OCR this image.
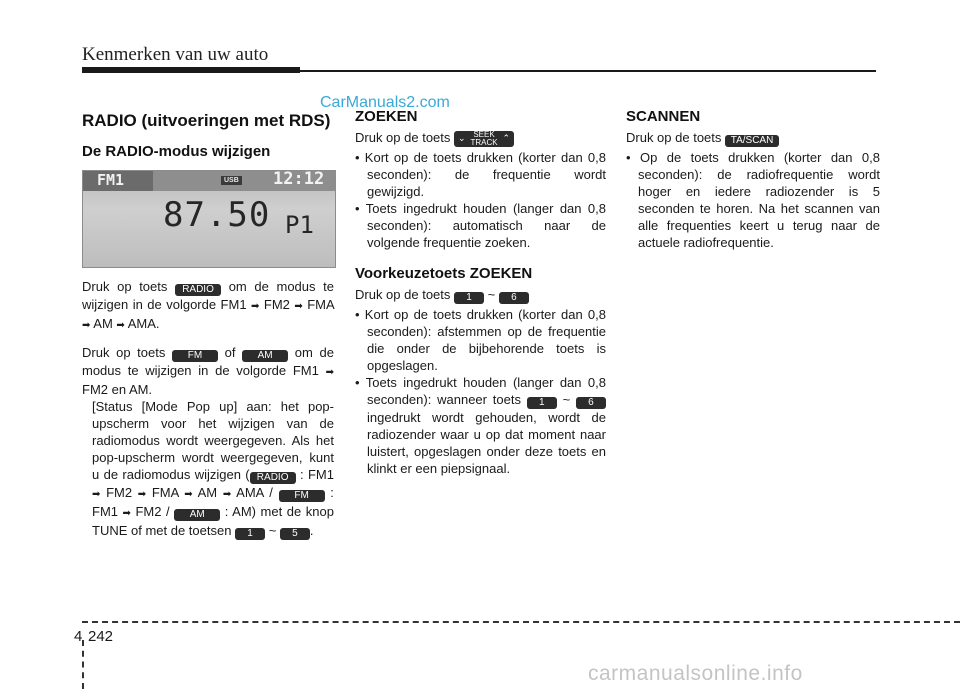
Kenmerken van uw auto
CarManuals2.com
RADIO (uitvoeringen met RDS)
De RADIO-modus wijzigen
FM1	USB 12:12
87.50 P1

Druk op toets RADIO om de modus te wijzigen in de volgorde FM1 ➡ FM2 ➡ FMA ➡ AM ➡ AMA.

Druk op toets FM of AM om de modus te wijzigen in de volgorde FM1 ➡ FM2 en AM.

[Status [Mode Pop up] aan: het pop-upscherm voor het wijzigen van de radiomodus wordt weergegeven. Als het pop-upscherm wordt weergegeven, kunt u de radiomodus wijzigen ( RADIO : FM1 ➡ FM2 ➡ FMA ➡ AM ➡ AMA / FM : FM1 ➡ FM2 / AM : AM) met de knop TUNE of met de toetsen 1 ~ 5 .

ZOEKEN

Druk op de toets ⌄ SEEK
TRACK ⌃

• Kort op de toets drukken (korter dan 0,8 seconden): de frequentie wordt gewijzigd.
• Toets ingedrukt houden (langer dan 0,8 seconden): automatisch naar de volgende frequentie zoeken.
Voorkeuzetoets ZOEKEN

Druk op de toets 1 ~ 6

• Kort op de toets drukken (korter dan 0,8 seconden): afstemmen op de frequentie die onder de bijbehorende toets is opgeslagen.
• Toets ingedrukt houden (langer dan 0,8 seconden): wanneer toets 1 ~ 6 ingedrukt wordt gehouden, wordt de radiozender waar u op dat moment naar luistert, opgeslagen onder deze toets en klinkt er een piepsignaal.
SCANNEN

Druk op de toets TA/SCAN

• Op de toets drukken (korter dan 0,8 seconden): de radiofrequentie wordt hoger en iedere radiozender is 5 seconden te horen. Na het scannen van alle frequenties keert u terug naar de actuele radiofrequentie.
4 242
carmanualsonline.info
